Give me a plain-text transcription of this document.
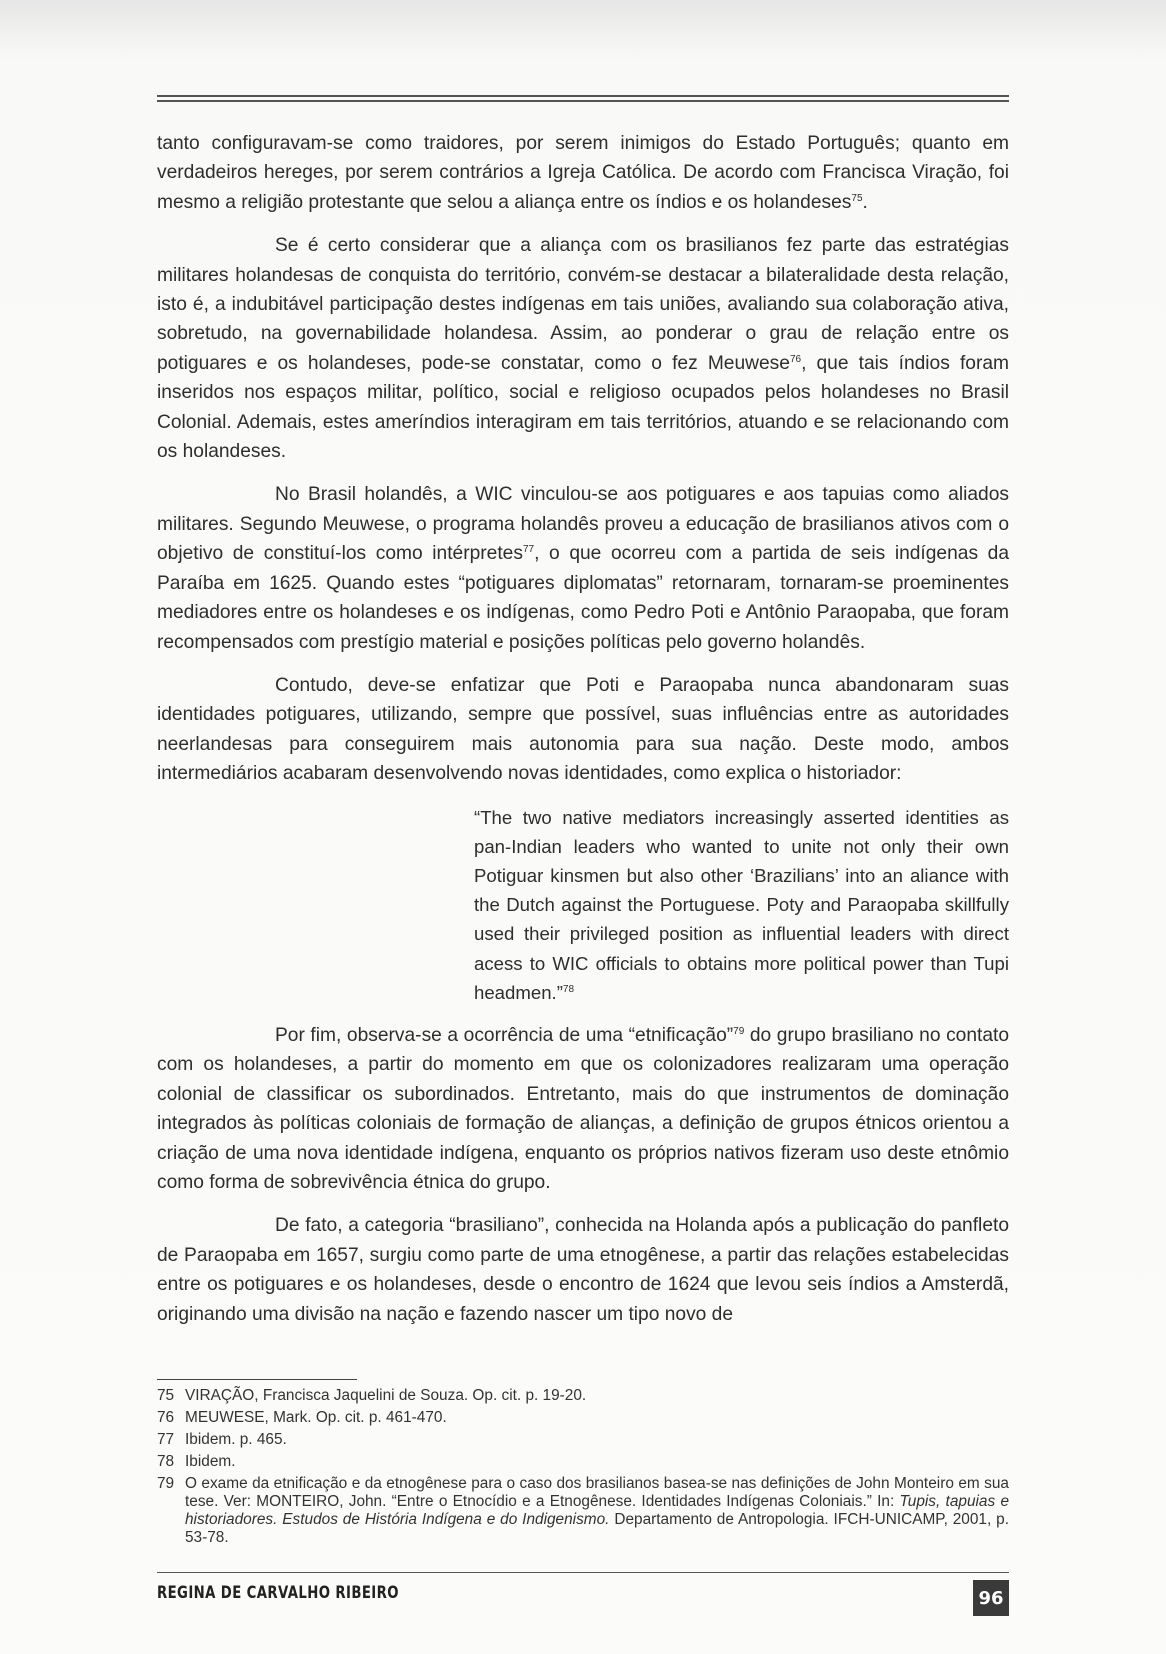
tanto configuravam-se como traidores, por serem inimigos do Estado Português; quanto em verdadeiros hereges, por serem contrários a Igreja Católica. De acordo com Francisca Viração, foi mesmo a religião protestante que selou a aliança entre os índios e os holandeses$^{75}$.

Se é certo considerar que a aliança com os brasilianos fez parte das estratégias militares holandesas de conquista do território, convém-se destacar a bilateralidade desta relação, isto é, a indubitável participação destes indígenas em tais uniões, avaliando sua colaboração ativa, sobretudo, na governabilidade holandesa. Assim, ao ponderar o grau de relação entre os potiguares e os holandeses, pode-se constatar, como o fez Meuwese$^{76}$, que tais índios foram inseridos nos espaços militar, político, social e religioso ocupados pelos holandeses no Brasil Colonial. Ademais, estes ameríndios interagiram em tais territórios, atuando e se relacionando com os holandeses.

No Brasil holandês, a WIC vinculou-se aos potiguares e aos tapuias como aliados militares. Segundo Meuwese, o programa holandês proveu a educação de brasilianos ativos com o objetivo de constituí-los como intérpretes$^{77}$, o que ocorreu com a partida de seis indígenas da Paraíba em 1625. Quando estes “potiguares diplomatas” retornaram, tornaram-se proeminentes mediadores entre os holandeses e os indígenas, como Pedro Poti e Antônio Paraopaba, que foram recompensados com prestígio material e posições políticas pelo governo holandês.

Contudo, deve-se enfatizar que Poti e Paraopaba nunca abandonaram suas identidades potiguares, utilizando, sempre que possível, suas influências entre as autoridades neerlandesas para conseguirem mais autonomia para sua nação. Deste modo, ambos intermediários acabaram desenvolvendo novas identidades, como explica o historiador:

“The two native mediators increasingly asserted identities as pan-Indian leaders who wanted to unite not only their own Potiguar kinsmen but also other ‘Brazilians’ into an aliance with the Dutch against the Portuguese. Poty and Paraopaba skillfully used their privileged position as influential leaders with direct acess to WIC officials to obtains more political power than Tupi headmen.”$^{78}$

Por fim, observa-se a ocorrência de uma “etnificação”$^{79}$ do grupo brasiliano no contato com os holandeses, a partir do momento em que os colonizadores realizaram uma operação colonial de classificar os subordinados. Entretanto, mais do que instrumentos de dominação integrados às políticas coloniais de formação de alianças, a definição de grupos étnicos orientou a criação de uma nova identidade indígena, enquanto os próprios nativos fizeram uso deste etnômio como forma de sobrevivência étnica do grupo.

De fato, a categoria “brasiliano”, conhecida na Holanda após a publicação do panfleto de Paraopaba em 1657, surgiu como parte de uma etnogênese, a partir das relações estabelecidas entre os potiguares e os holandeses, desde o encontro de 1624 que levou seis índios a Amsterdã, originando uma divisão na nação e fazendo nascer um tipo novo de

75 VIRAÇÃO, Francisca Jaquelini de Souza. Op. cit. p. 19-20.
76 MEUWESE, Mark. Op. cit. p. 461-470.
77 Ibidem. p. 465.
78 Ibidem.
79 O exame da etnificação e da etnogênese para o caso dos brasilianos basea-se nas definições de John Monteiro em sua tese. Ver: MONTEIRO, John. “Entre o Etnocídio e a Etnogênese. Identidades Indígenas Coloniais.” In: Tupis, tapuias e historiadores. Estudos de História Indígena e do Indigenismo. Departamento de Antropologia. IFCH-UNICAMP, 2001, p. 53-78.
REGINA DE CARVALHO RIBEIRO	96
